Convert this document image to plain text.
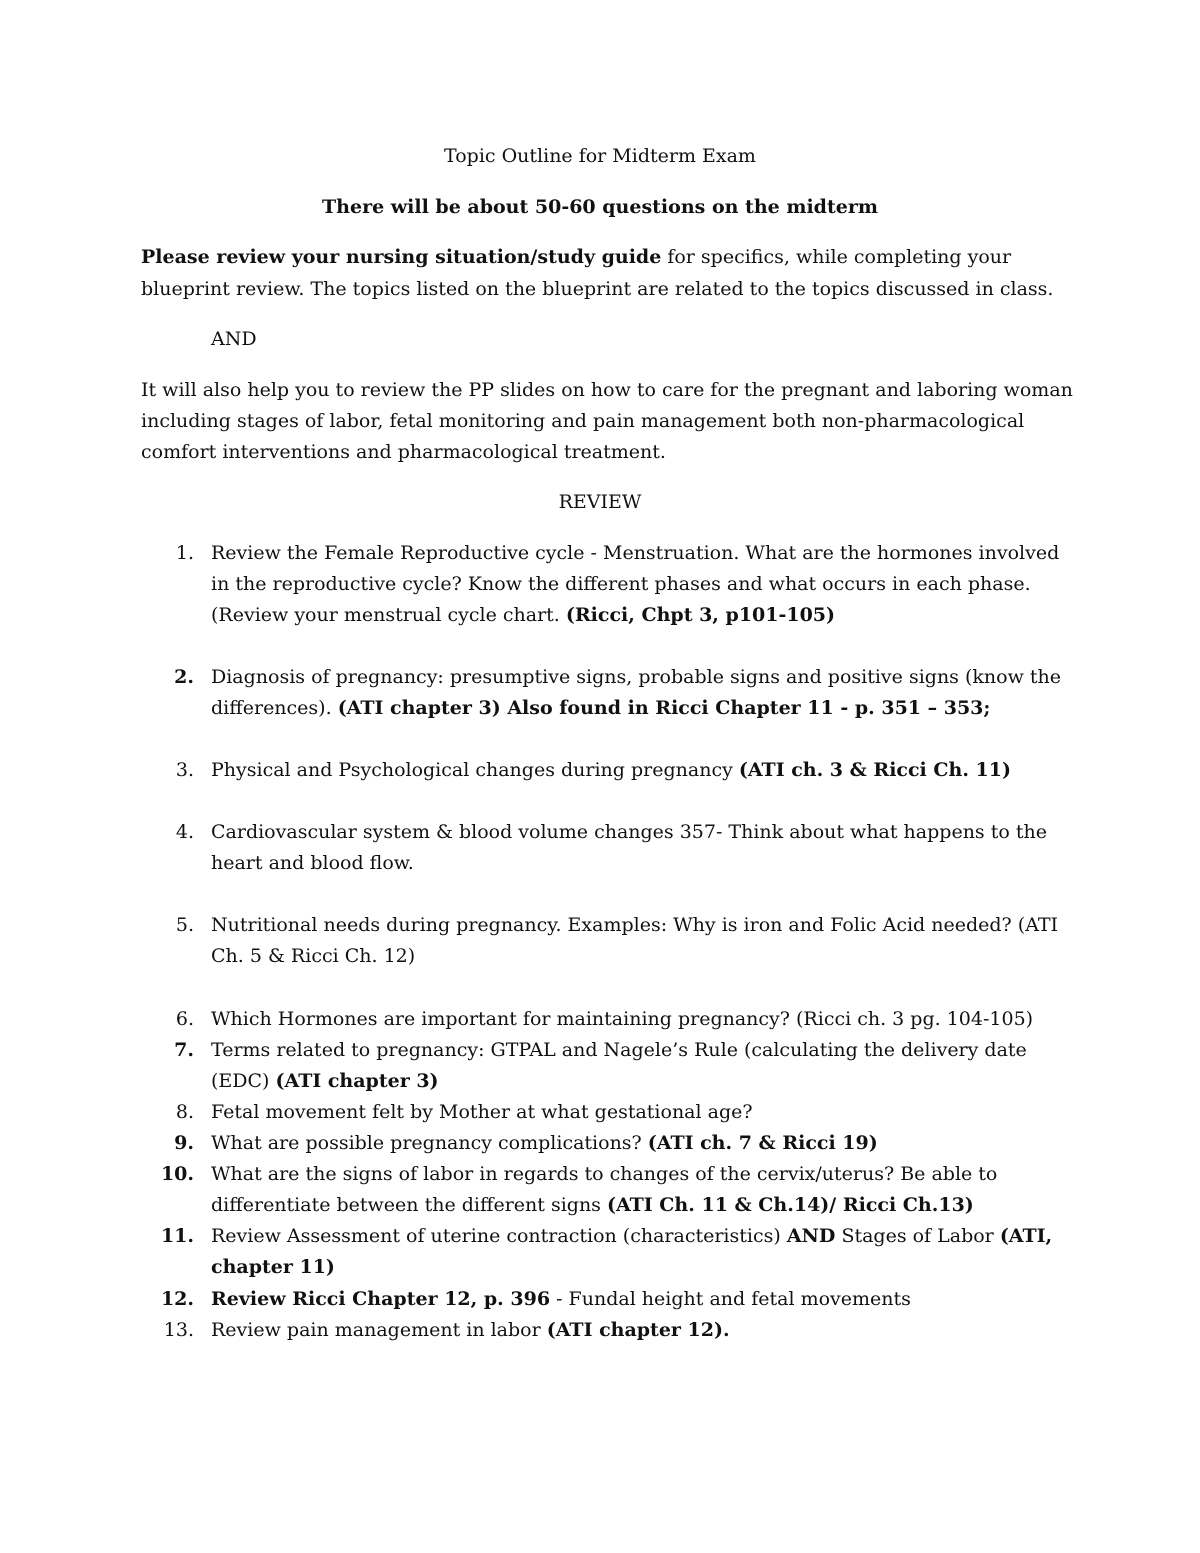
Topic Outline for Midterm Exam
There will be about 50-60 questions on the midterm
Please review your nursing situation/study guide for specifics, while completing your
blueprint review. The topics listed on the blueprint are related to the topics discussed in class.
AND
It will also help you to review the PP slides on how to care for the pregnant and laboring woman
including stages of labor, fetal monitoring and pain management both non-pharmacological
comfort interventions and pharmacological treatment.
REVIEW
1. Review the Female Reproductive cycle - Menstruation. What are the hormones involved
in the reproductive cycle? Know the different phases and what occurs in each phase.
(Review your menstrual cycle chart. (Ricci, Chpt 3, p101-105)
2. Diagnosis of pregnancy: presumptive signs, probable signs and positive signs (know the
differences). (ATI chapter 3) Also found in Ricci Chapter 11 - p. 351 – 353;
3. Physical and Psychological changes during pregnancy (ATI ch. 3 & Ricci Ch. 11)
4. Cardiovascular system & blood volume changes 357- Think about what happens to the
heart and blood flow.
5. Nutritional needs during pregnancy. Examples: Why is iron and Folic Acid needed? (ATI
Ch. 5 & Ricci Ch. 12)
6. Which Hormones are important for maintaining pregnancy? (Ricci ch. 3 pg. 104-105)
7. Terms related to pregnancy: GTPAL and Nagele’s Rule (calculating the delivery date
(EDC) (ATI chapter 3)
8. Fetal movement felt by Mother at what gestational age?
9. What are possible pregnancy complications? (ATI ch. 7 & Ricci 19)
10. What are the signs of labor in regards to changes of the cervix/uterus? Be able to
differentiate between the different signs (ATI Ch. 11 & Ch.14)/ Ricci Ch.13)
11. Review Assessment of uterine contraction (characteristics) AND Stages of Labor (ATI,
chapter 11)
12. Review Ricci Chapter 12, p. 396 - Fundal height and fetal movements
13. Review pain management in labor (ATI chapter 12).
